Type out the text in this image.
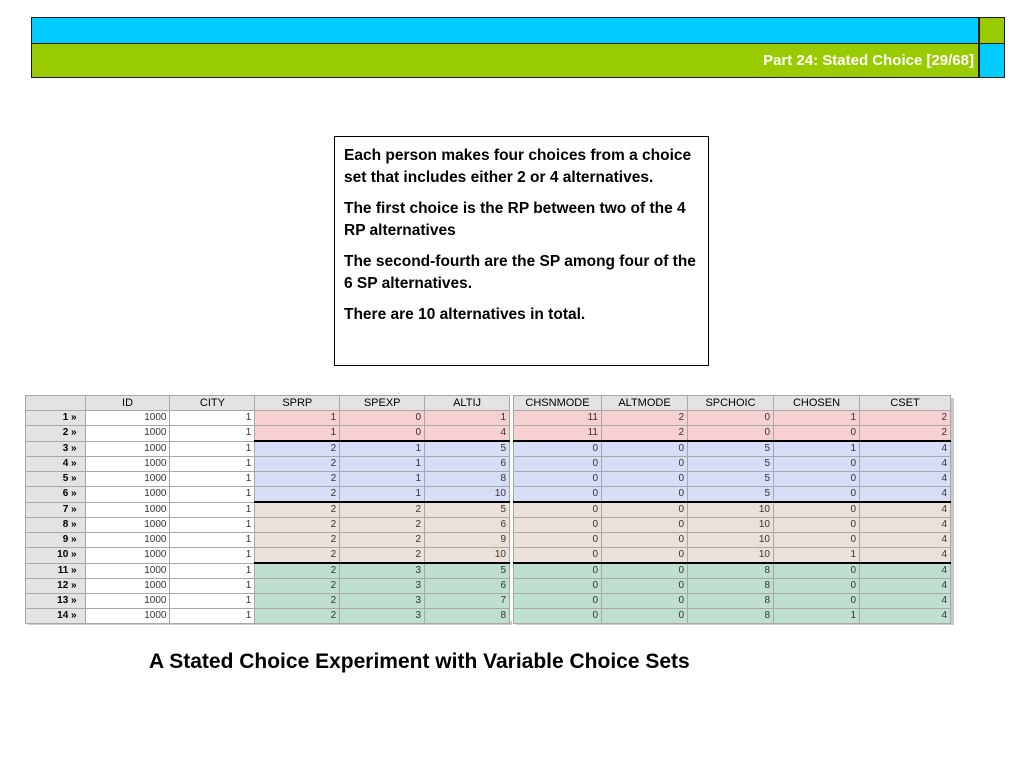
Part 24: Stated Choice [29/68]

Each person makes four choices from a choice set that includes either 2 or 4 alternatives.

The first choice is the RP between two of the 4 RP alternatives

The second-fourth are the SP among four of the 6 SP alternatives.

There are 10 alternatives in total.

	ID	CITY	SPRP	SPEXP	ALTIJ
1 »	1000	1	1	0	1
2 »	1000	1	1	0	4
3 »	1000	1	2	1	5
4 »	1000	1	2	1	6
5 »	1000	1	2	1	8
6 »	1000	1	2	1	10
7 »	1000	1	2	2	5
8 »	1000	1	2	2	6
9 »	1000	1	2	2	9
10 »	1000	1	2	2	10
11 »	1000	1	2	3	5
12 »	1000	1	2	3	6
13 »	1000	1	2	3	7
14 »	1000	1	2	3	8
CHSNMODE	ALTMODE	SPCHOIC	CHOSEN	CSET
11	2	0	1	2
11	2	0	0	2
0	0	5	1	4
0	0	5	0	4
0	0	5	0	4
0	0	5	0	4
0	0	10	0	4
0	0	10	0	4
0	0	10	0	4
0	0	10	1	4
0	0	8	0	4
0	0	8	0	4
0	0	8	0	4
0	0	8	1	4
A Stated Choice Experiment with Variable Choice Sets
